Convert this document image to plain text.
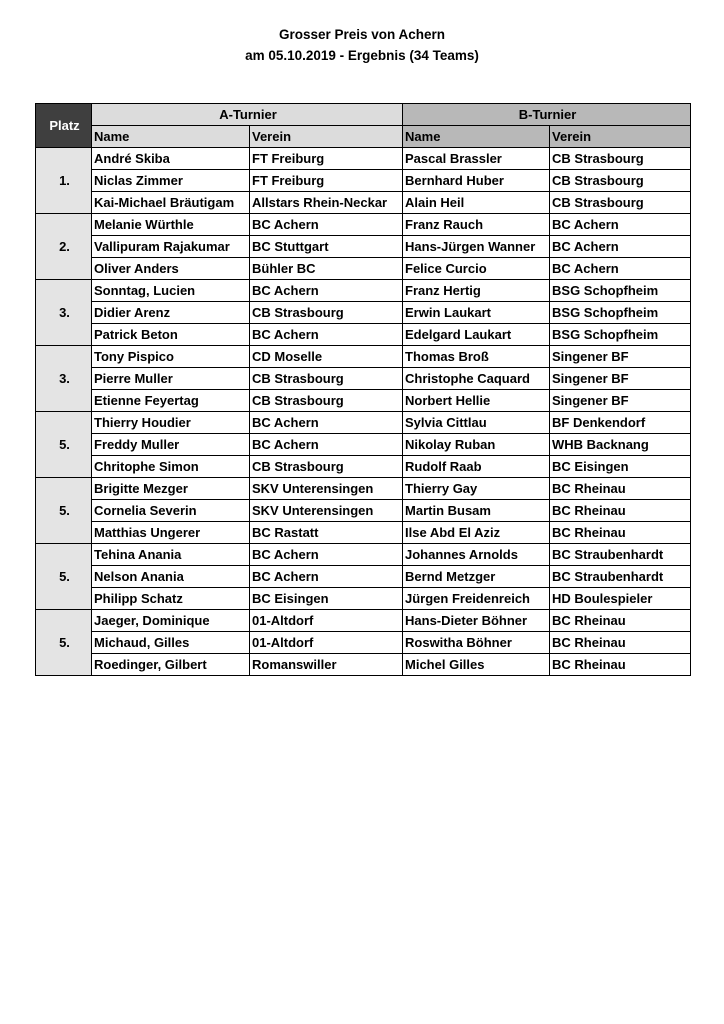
Grosser Preis von Achern
am 05.10.2019 - Ergebnis (34 Teams)
Platz	A-Turnier		B-Turnier	
	Name	Verein	Name	Verein
1.	André Skiba	FT Freiburg	Pascal Brassler	CB Strasbourg
	Niclas Zimmer	FT Freiburg	Bernhard Huber	CB Strasbourg
	Kai-Michael Bräutigam	Allstars Rhein-Neckar	Alain Heil	CB Strasbourg
2.	Melanie Würthle	BC Achern	Franz Rauch	BC Achern
	Vallipuram Rajakumar	BC Stuttgart	Hans-Jürgen Wanner	BC Achern
	Oliver Anders	Bühler BC	Felice Curcio	BC Achern
3.	Sonntag, Lucien	BC Achern	Franz Hertig	BSG Schopfheim
	Didier Arenz	CB Strasbourg	Erwin Laukart	BSG Schopfheim
	Patrick Beton	BC Achern	Edelgard Laukart	BSG Schopfheim
3.	Tony Pispico	CD Moselle	Thomas Broß	Singener BF
	Pierre Muller	CB Strasbourg	Christophe Caquard	Singener BF
	Etienne Feyertag	CB Strasbourg	Norbert Hellie	Singener BF
5.	Thierry Houdier	BC Achern	Sylvia Cittlau	BF Denkendorf
	Freddy Muller	BC Achern	Nikolay Ruban	WHB Backnang
	Chritophe Simon	CB Strasbourg	Rudolf Raab	BC Eisingen
5.	Brigitte Mezger	SKV Unterensingen	Thierry Gay	BC Rheinau
	Cornelia Severin	SKV Unterensingen	Martin Busam	BC Rheinau
	Matthias Ungerer	BC Rastatt	Ilse Abd El Aziz	BC Rheinau
5.	Tehina Anania	BC Achern	Johannes Arnolds	BC Straubenhardt
	Nelson Anania	BC Achern	Bernd Metzger	BC Straubenhardt
	Philipp Schatz	BC Eisingen	Jürgen Freidenreich	HD Boulespieler
5.	Jaeger, Dominique	01-Altdorf	Hans-Dieter Böhner	BC Rheinau
	Michaud, Gilles	01-Altdorf	Roswitha Böhner	BC Rheinau
	Roedinger, Gilbert	Romanswiller	Michel Gilles	BC Rheinau
